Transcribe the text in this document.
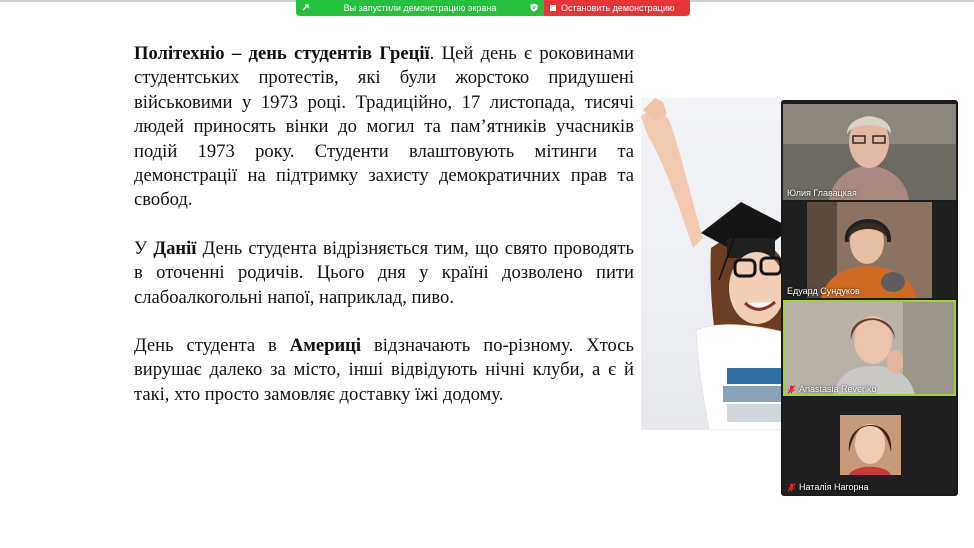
Вы запустили демонстрацию экрана	Остановить демонстрацию

Політехніо – день студентів Греції. Цей день є роковинами студентських протестів, які були жорстоко придушені військовими у 1973 році. Традиційно, 17 листопада, тисячі людей приносять вінки до могил та пам’ятників учасників подій 1973 року. Студенти влаштовують мітинги та демонстрації на підтримку захисту демократичних прав та свобод.

У Данії День студента відрізняється тим, що свято проводять в оточенні родичів. Цього дня у країні дозволено пити слабоалкогольні напої, наприклад, пиво.

День студента в Америці відзначають по-різному. Хтось вирушає далеко за місто, інші відвідують нічні клуби, а є й такі, хто просто замовляє доставку їжі додому.

Юлия Главацкая
Едуард Сундуков
Anastasia Revenko
Наталія Нагорна
